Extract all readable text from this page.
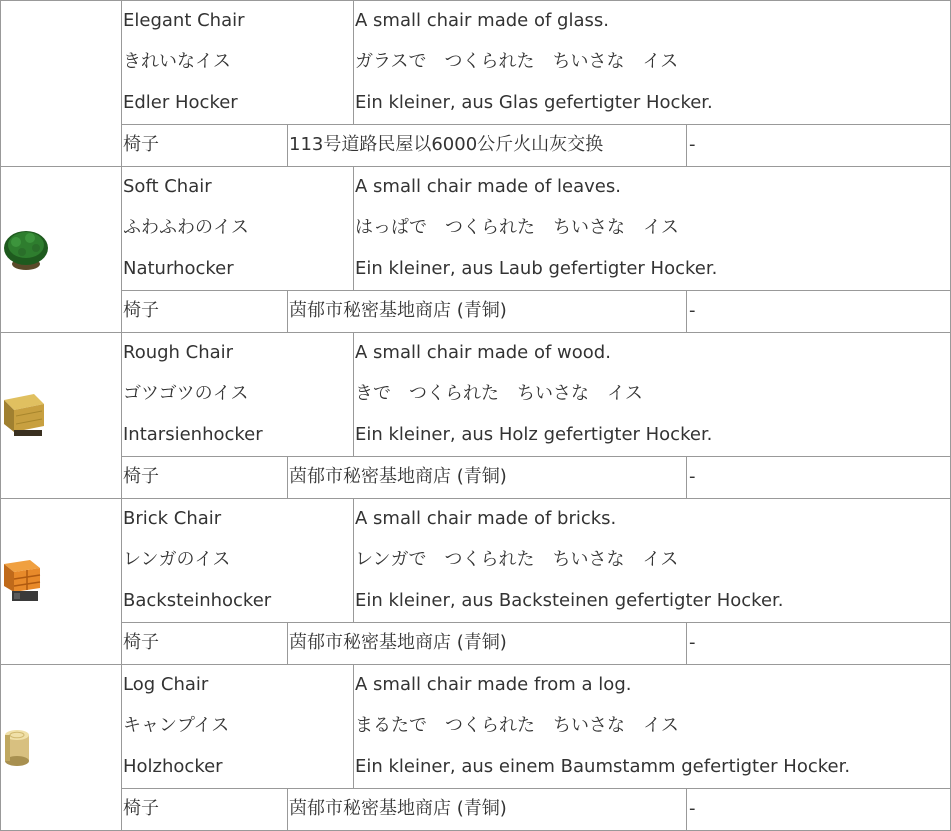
Elegant Chair
きれいなイス
Edler Hocker
A small chair made of glass.
ガラスで　つくられた　ちいさな　イス
Ein kleiner, aus Glas gefertigter Hocker.
椅子	113号道路民屋以6000公斤火山灰交换	-
Soft Chair
ふわふわのイス
Naturhocker
A small chair made of leaves.
はっぱで　つくられた　ちいさな　イス
Ein kleiner, aus Laub gefertigter Hocker.
椅子	茵郁市秘密基地商店 (青铜)	-
Rough Chair
ゴツゴツのイス
Intarsienhocker
A small chair made of wood.
きで　つくられた　ちいさな　イス
Ein kleiner, aus Holz gefertigter Hocker.
椅子	茵郁市秘密基地商店 (青铜)	-
Brick Chair
レンガのイス
Backsteinhocker
A small chair made of bricks.
レンガで　つくられた　ちいさな　イス
Ein kleiner, aus Backsteinen gefertigter Hocker.
椅子	茵郁市秘密基地商店 (青铜)	-
Log Chair
キャンプイス
Holzhocker
A small chair made from a log.
まるたで　つくられた　ちいさな　イス
Ein kleiner, aus einem Baumstamm gefertigter Hocker.
椅子	茵郁市秘密基地商店 (青铜)	-
